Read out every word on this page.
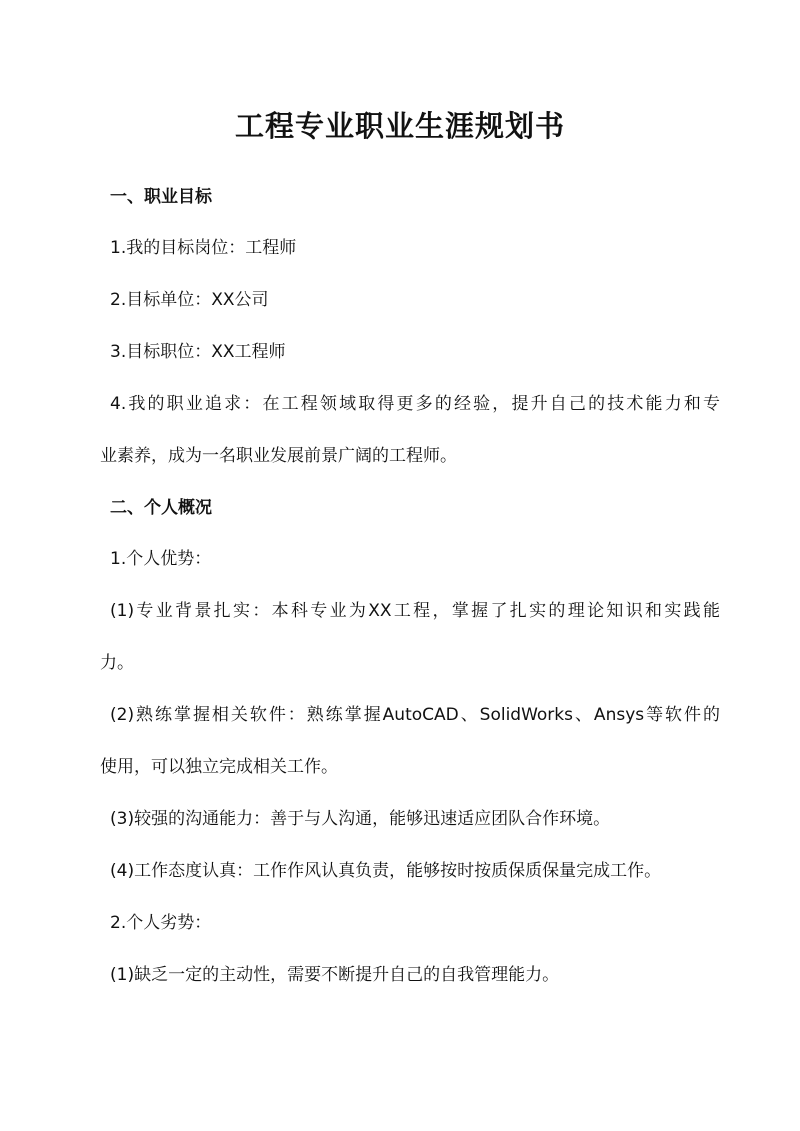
工程专业职业生涯规划书

一、职业目标

1.我的目标岗位：工程师

2.目标单位：XX公司

3.目标职位：XX工程师

4.我的职业追求：在工程领域取得更多的经验，提升自己的技术能力和专

业素养，成为一名职业发展前景广阔的工程师。

二、个人概况

1.个人优势：

(1)专业背景扎实：本科专业为XX工程，掌握了扎实的理论知识和实践能

力。

(2)熟练掌握相关软件：熟练掌握AutoCAD、SolidWorks、Ansys等软件的

使用，可以独立完成相关工作。

(3)较强的沟通能力：善于与人沟通，能够迅速适应团队合作环境。

(4)工作态度认真：工作作风认真负责，能够按时按质保质保量完成工作。

2.个人劣势：

(1)缺乏一定的主动性，需要不断提升自己的自我管理能力。
